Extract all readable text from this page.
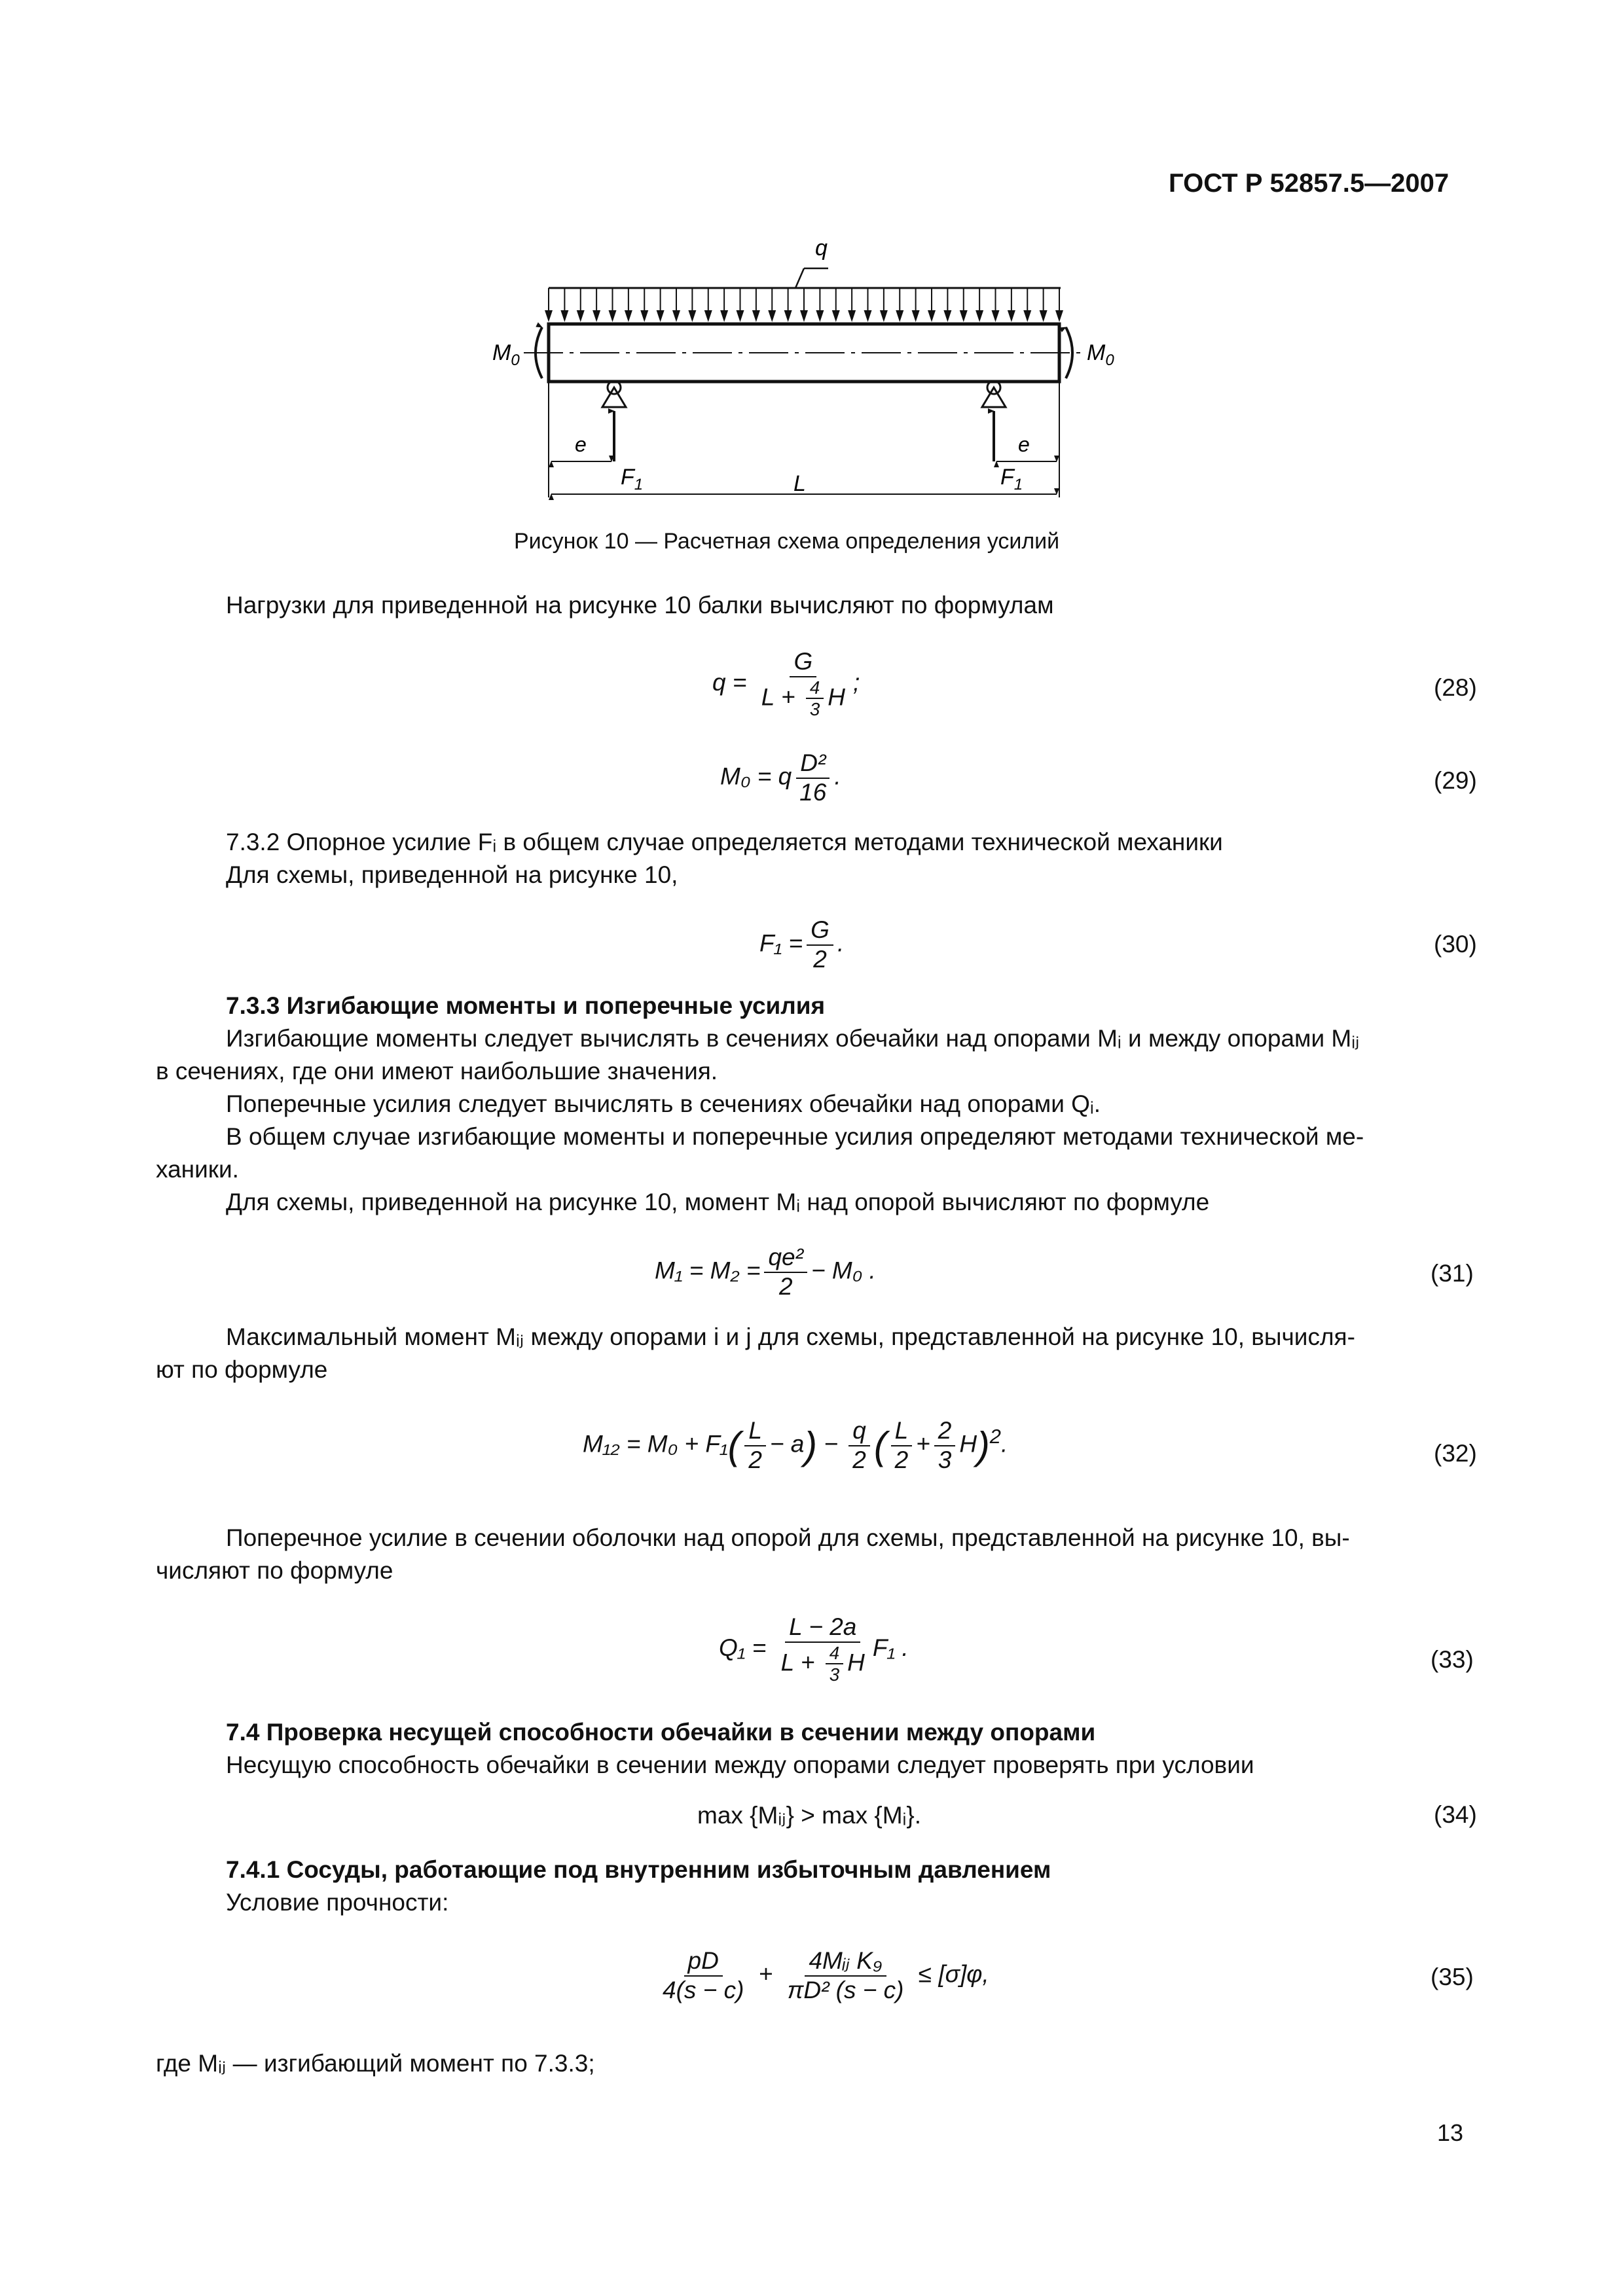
ГОСТ Р 52857.5—2007
q
$M_0$	$M_0$
e	e
$F_1$	$F_1$
L
Рисунок 10 — Расчетная схема определения усилий
Нагрузки для приведенной на рисунке 10 балки вычисляют по формулам
$q = \frac{G}{L + \frac{4}{3} H}$ ;	(28)
M₀ = q $\frac{\text{D²}}{16}$ .	(29)
7.3.2 Опорное усилие Fᵢ в общем случае определяется методами технической механики
Для схемы, приведенной на рисунке 10,
$F_1 = \frac{G}{2}$ .	(30)
7.3.3 Изгибающие моменты и поперечные усилия
Изгибающие моменты следует вычислять в сечениях обечайки над опорами Mᵢ и между опорами Mᵢⱼ
в сечениях, где они имеют наибольшие значения.
Поперечные усилия следует вычислять в сечениях обечайки над опорами Qᵢ.
В общем случае изгибающие моменты и поперечные усилия определяют методами технической ме-
ханики.
Для схемы, приведенной на рисунке 10, момент Mᵢ над опорой вычисляют по формуле
$M_1 = M_2 = \frac{\text{qe²}}{2} - M_0$ .	(31)
Максимальный момент Mᵢⱼ между опорами i и j для схемы, представленной на рисунке 10, вычисля-
ют по формуле
$M_{12} = M_0 + F_1( \frac{L}{2} - a) - \frac{q}{2}$ ( $\frac{L}{2} + \frac{2}{3} H)^2$.	(32)
Поперечное усилие в сечении оболочки над опорой для схемы, представленной на рисунке 10, вы-
числяют по формуле
$Q_1 = \frac{L - 2a}{L + \frac{4}{3} H} F_1$ .	(33)
7.4 Проверка несущей способности обечайки в сечении между опорами
Несущую способность обечайки в сечении между опорами следует проверять при условии
max {Mᵢⱼ} > max {Mᵢ}.	(34)
7.4.1 Сосуды, работающие под внутренним избыточным давлением
Условие прочности:
$\frac{pD}{4(s - c)}$ + 4Mᵢⱼ K₉
πD² (s − c)
≤ [σ]φ,	(35)
где Mᵢⱼ — изгибающий момент по 7.3.3;
13
